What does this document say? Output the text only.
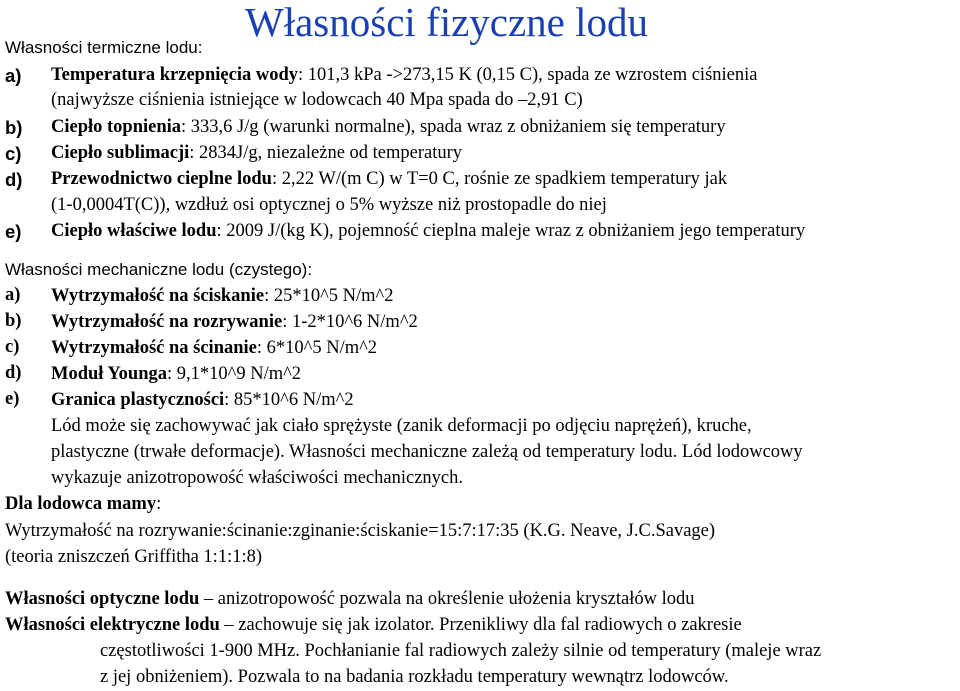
Własności fizyczne lodu
Własności termiczne lodu:
a) Temperatura krzepnięcia wody: 101,3 kPa ->273,15 K (0,15 C), spada ze wzrostem ciśnienia
(najwyższe ciśnienia istniejące w lodowcach 40 Mpa spada do –2,91 C)
b) Ciepło topnienia: 333,6 J/g (warunki normalne), spada wraz z obniżaniem się temperatury
c) Ciepło sublimacji: 2834J/g, niezależne od temperatury
d) Przewodnictwo cieplne lodu: 2,22 W/(m C) w T=0 C, rośnie ze spadkiem temperatury jak
(1-0,0004T(C)), wzdłuż osi optycznej o 5% wyższe niż prostopadle do niej
e) Ciepło właściwe lodu: 2009 J/(kg K), pojemność cieplna maleje wraz z obniżaniem jego temperatury
Własności mechaniczne lodu (czystego):
a) Wytrzymałość na ściskanie: 25*10^5 N/m^2
b) Wytrzymałość na rozrywanie: 1-2*10^6 N/m^2
c) Wytrzymałość na ścinanie: 6*10^5 N/m^2
d) Moduł Younga: 9,1*10^9 N/m^2
e) Granica plastyczności: 85*10^6 N/m^2
Lód może się zachowywać jak ciało sprężyste (zanik deformacji po odjęciu naprężeń), kruche,
plastyczne (trwałe deformacje). Własności mechaniczne zależą od temperatury lodu. Lód lodowcowy
wykazuje anizotropowość właściwości mechanicznych.
Dla lodowca mamy:
Wytrzymałość na rozrywanie:ścinanie:zginanie:ściskanie=15:7:17:35 (K.G. Neave, J.C.Savage)
(teoria zniszczeń Griffitha 1:1:1:8)
Własności optyczne lodu – anizotropowość pozwala na określenie ułożenia kryształów lodu
Własności elektryczne lodu – zachowuje się jak izolator. Przenikliwy dla fal radiowych o zakresie
częstotliwości 1-900 MHz. Pochłanianie fal radiowych zależy silnie od temperatury (maleje wraz
z jej obniżeniem). Pozwala to na badania rozkładu temperatury wewnątrz lodowców.
